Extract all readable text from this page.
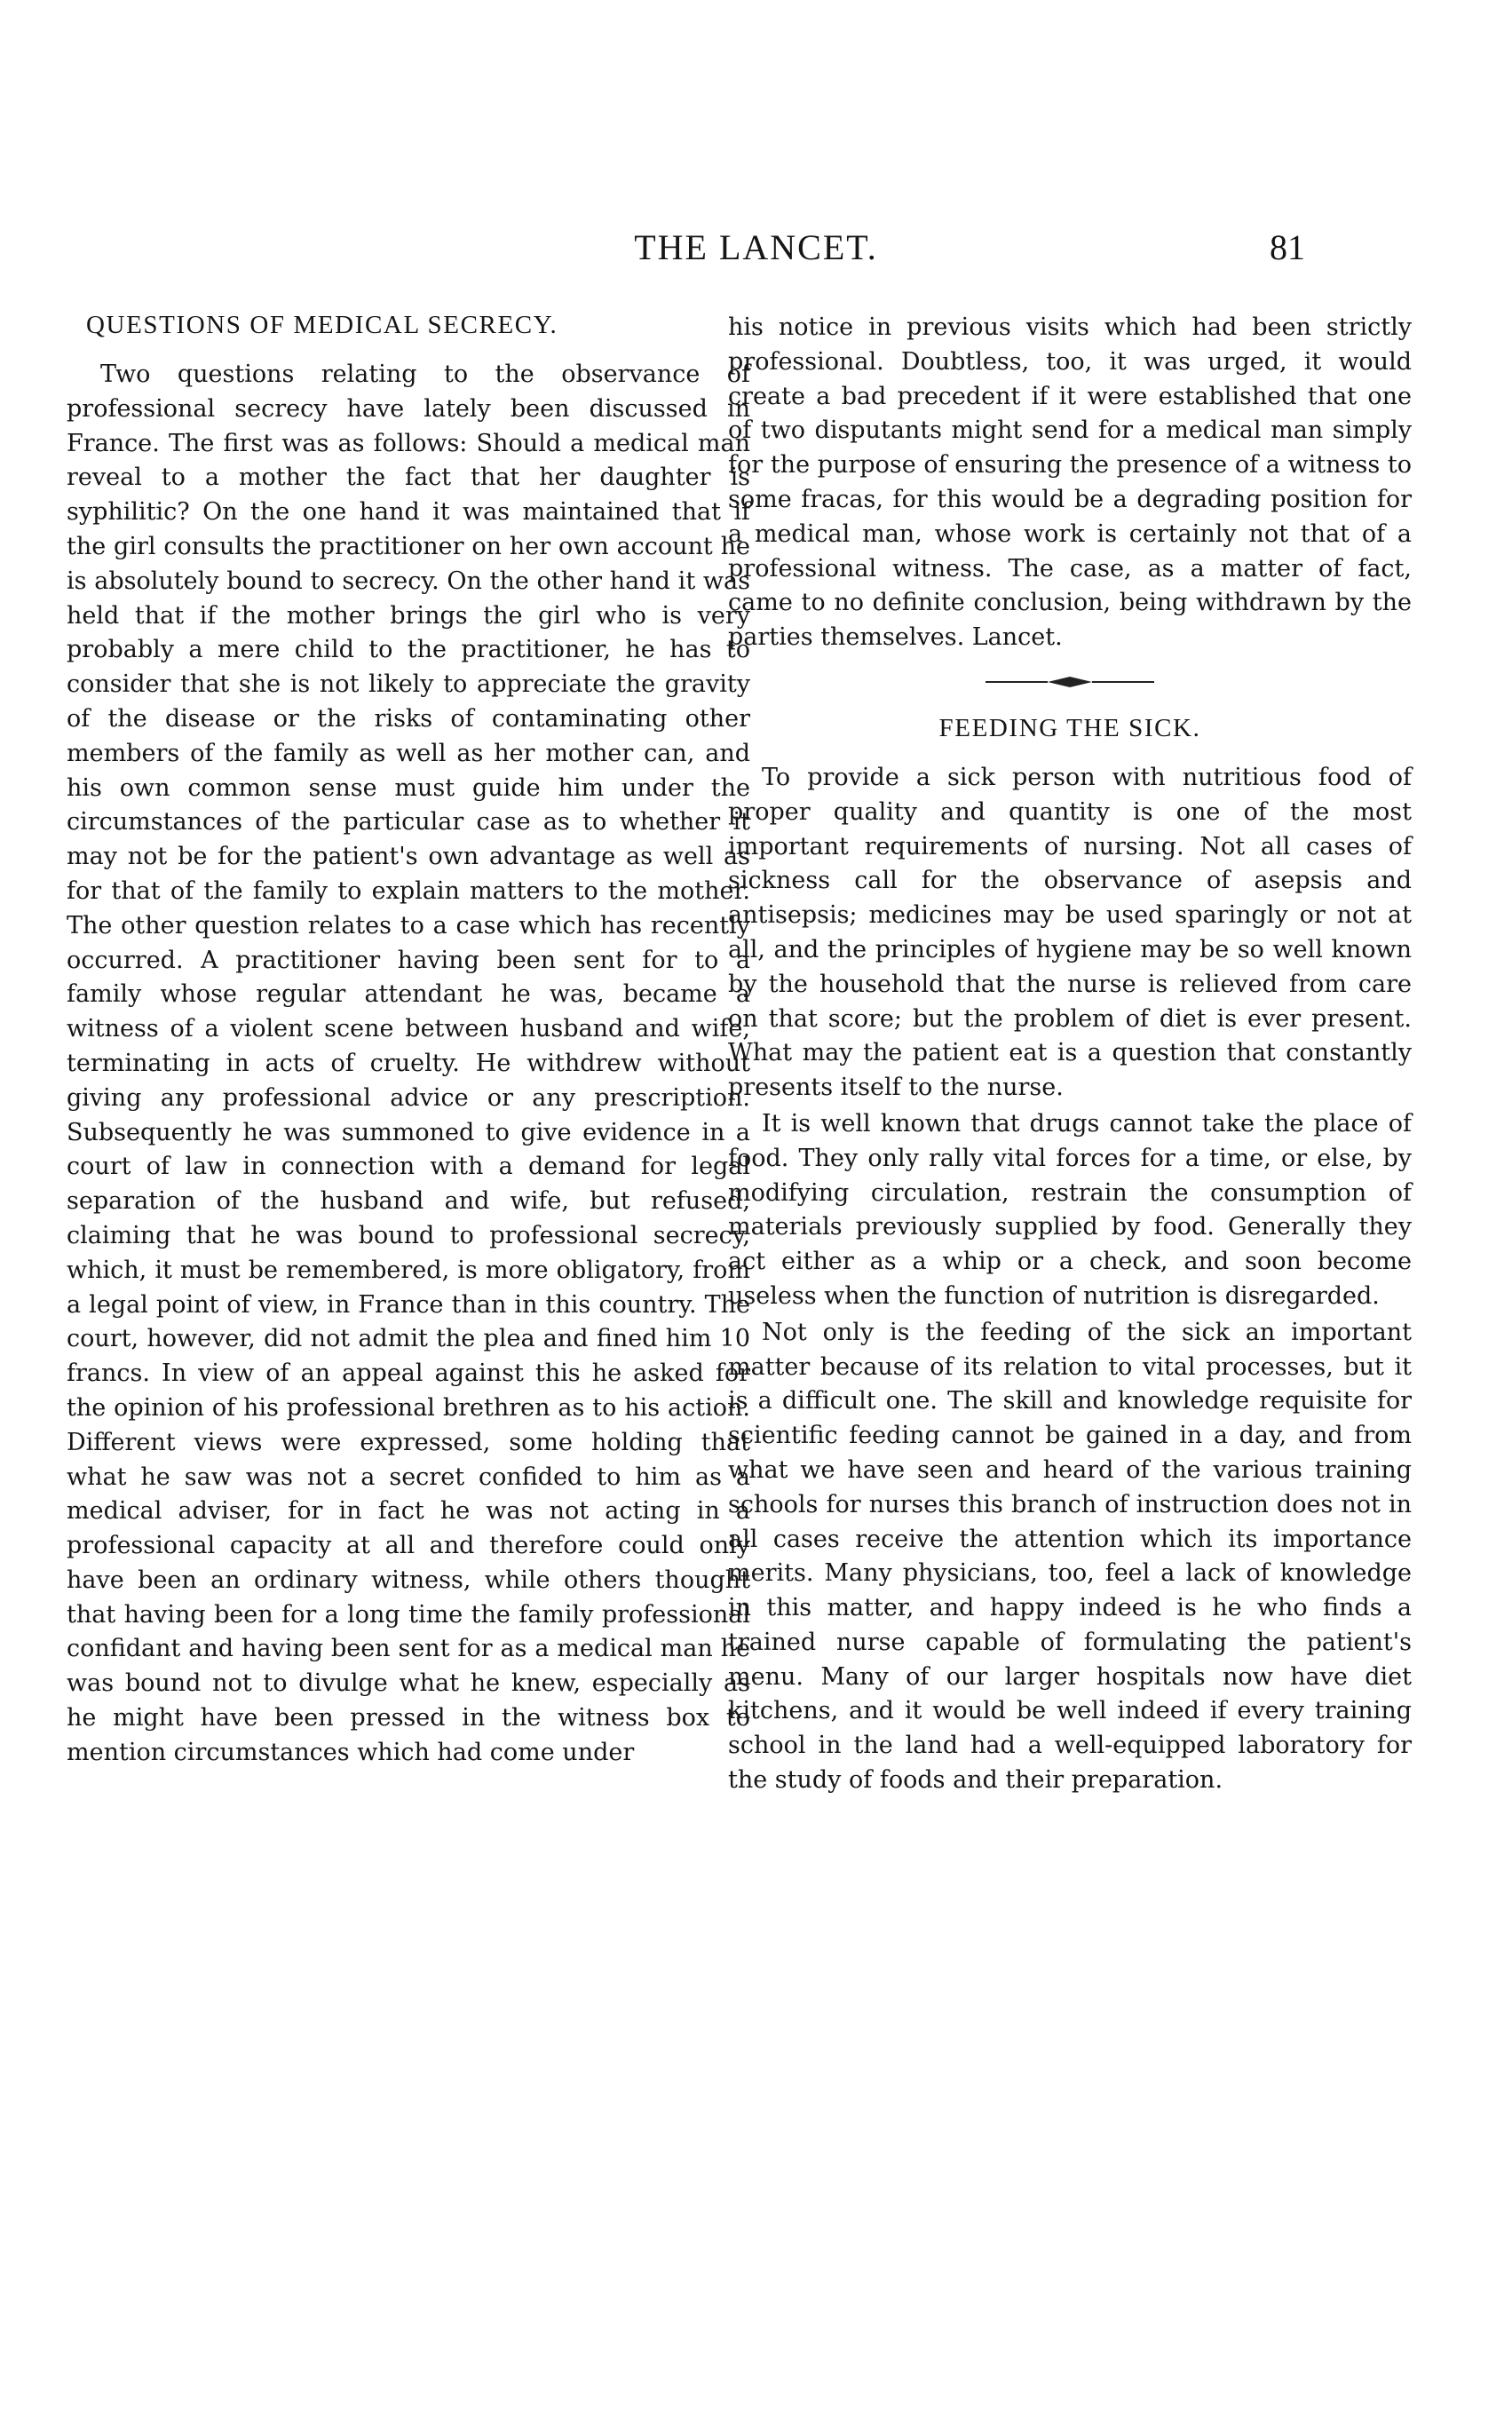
THE LANCET.	81
QUESTIONS OF MEDICAL SECRECY.

Two questions relating to the observance of professional secrecy have lately been discussed in France. The first was as follows: Should a medical man reveal to a mother the fact that her daughter is syphilitic? On the one hand it was maintained that if the girl consults the practitioner on her own account he is absolutely bound to secrecy. On the other hand it was held that if the mother brings the girl who is very probably a mere child to the practitioner, he has to consider that she is not likely to appreciate the gravity of the disease or the risks of contaminating other members of the family as well as her mother can, and his own common sense must guide him under the circumstances of the particular case as to whether it may not be for the patient's own advantage as well as for that of the family to explain matters to the mother. The other question relates to a case which has recently occurred. A practitioner having been sent for to a family whose regular attendant he was, became a witness of a violent scene between husband and wife, terminating in acts of cruelty. He withdrew without giving any professional advice or any prescription. Subsequently he was summoned to give evidence in a court of law in connection with a demand for legal separation of the husband and wife, but refused, claiming that he was bound to professional secrecy, which, it must be remembered, is more obligatory, from a legal point of view, in France than in this country. The court, however, did not admit the plea and fined him 10 francs. In view of an appeal against this he asked for the opinion of his professional brethren as to his action. Different views were expressed, some holding that what he saw was not a secret confided to him as a medical adviser, for in fact he was not acting in a professional capacity at all and therefore could only have been an ordinary witness, while others thought that having been for a long time the family professional confidant and having been sent for as a medical man he was bound not to divulge what he knew, especially as he might have been pressed in the witness box to mention circumstances which had come under

his notice in previous visits which had been strictly professional. Doubtless, too, it was urged, it would create a bad precedent if it were established that one of two disputants might send for a medical man simply for the purpose of ensuring the presence of a witness to some fracas, for this would be a degrading position for a medical man, whose work is certainly not that of a professional witness. The case, as a matter of fact, came to no definite conclusion, being withdrawn by the parties themselves. Lancet.

FEEDING THE SICK.

To provide a sick person with nutritious food of proper quality and quantity is one of the most important requirements of nursing. Not all cases of sickness call for the observance of asepsis and antisepsis; medicines may be used sparingly or not at all, and the principles of hygiene may be so well known by the household that the nurse is relieved from care on that score; but the problem of diet is ever present. What may the patient eat is a question that constantly presents itself to the nurse.

It is well known that drugs cannot take the place of food. They only rally vital forces for a time, or else, by modifying circulation, restrain the consumption of materials previously supplied by food. Generally they act either as a whip or a check, and soon become useless when the function of nutrition is disregarded.

Not only is the feeding of the sick an important matter because of its relation to vital processes, but it is a difficult one. The skill and knowledge requisite for scientific feeding cannot be gained in a day, and from what we have seen and heard of the various training schools for nurses this branch of instruction does not in all cases receive the attention which its importance merits. Many physicians, too, feel a lack of knowledge in this matter, and happy indeed is he who finds a trained nurse capable of formulating the patient's menu. Many of our larger hospitals now have diet kitchens, and it would be well indeed if every training school in the land had a well-equipped laboratory for the study of foods and their preparation.
